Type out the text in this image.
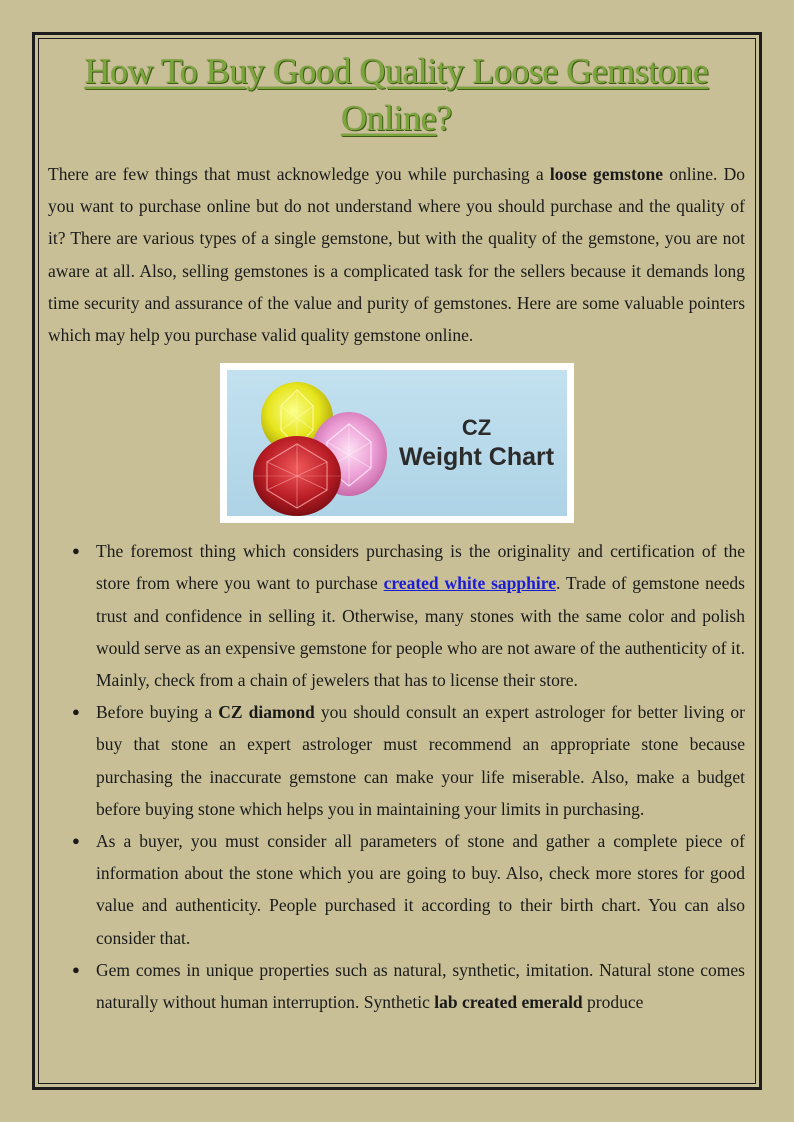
How To Buy Good Quality Loose Gemstone
Online?

There are few things that must acknowledge you while purchasing a loose gemstone online. Do you want to purchase online but do not understand where you should purchase and the quality of it? There are various types of a single gemstone, but with the quality of the gemstone, you are not aware at all. Also, selling gemstones is a complicated task for the sellers because it demands long time security and assurance of the value and purity of gemstones. Here are some valuable pointers which may help you purchase valid quality gemstone online.

CZ
Weight Chart
● The foremost thing which considers purchasing is the originality and certification of the store from where you want to purchase created white sapphire. Trade of gemstone needs trust and confidence in selling it. Otherwise, many stones with the same color and polish would serve as an expensive gemstone for people who are not aware of the authenticity of it. Mainly, check from a chain of jewelers that has to license their store.
● Before buying a CZ diamond you should consult an expert astrologer for better living or buy that stone an expert astrologer must recommend an appropriate stone because purchasing the inaccurate gemstone can make your life miserable. Also, make a budget before buying stone which helps you in maintaining your limits in purchasing.
● As a buyer, you must consider all parameters of stone and gather a complete piece of information about the stone which you are going to buy. Also, check more stores for good value and authenticity. People purchased it according to their birth chart. You can also consider that.
● Gem comes in unique properties such as natural, synthetic, imitation. Natural stone comes naturally without human interruption. Synthetic lab created emerald produce
